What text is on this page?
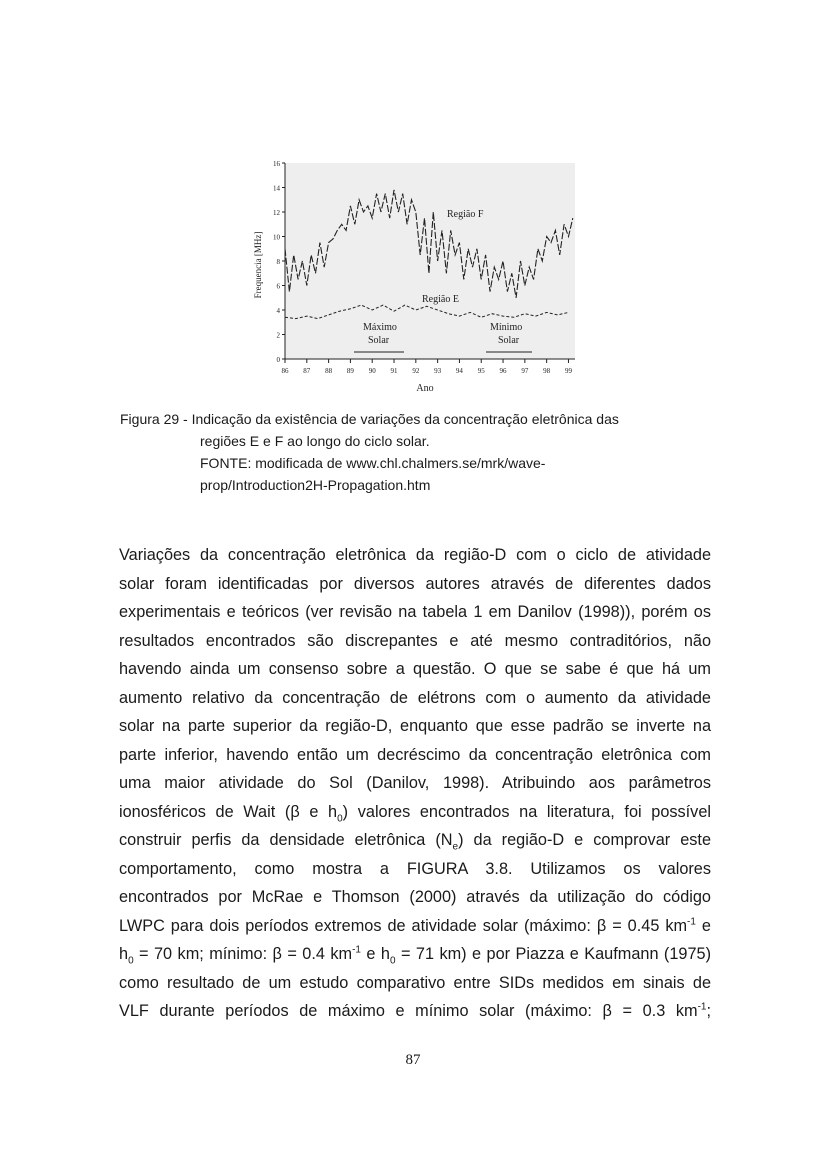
0
2
4
6
8
10
12
14
16
86 87 88 89 90 91 92 93 94 95 96 97 98 99
Região F
Região E
Máximo
Solar
Mínimo
Solar
Ano
Frequencia [MHz]
Figura 29 - Indicação da existência de variações da concentração eletrônica das
regiões E e F ao longo do ciclo solar.
FONTE: modificada de www.chl.chalmers.se/mrk/wave-
prop/Introduction2H-Propagation.htm

Variações da concentração eletrônica da região-D com o ciclo de atividade

solar foram identificadas por diversos autores através de diferentes dados

experimentais e teóricos (ver revisão na tabela 1 em Danilov (1998)), porém os

resultados encontrados são discrepantes e até mesmo contraditórios, não

havendo ainda um consenso sobre a questão. O que se sabe é que há um

aumento relativo da concentração de elétrons com o aumento da atividade

solar na parte superior da região-D, enquanto que esse padrão se inverte na

parte inferior, havendo então um decréscimo da concentração eletrônica com

uma maior atividade do Sol (Danilov, 1998). Atribuindo aos parâmetros

ionosféricos de Wait (β e $h_0$) valores encontrados na literatura, foi possível

construir perfis da densidade eletrônica $(N_e)$ da região-D e comprovar este

comportamento, como mostra a FIGURA 3.8. Utilizamos os valores

encontrados por McRae e Thomson (2000) através da utilização do código

LWPC para dois períodos extremos de atividade solar (máximo: β = 0.45 $km^{-1}$ e

$h_0 = 70$ km; mínimo: β = 0.4 $km^{-1}$ e $h_0 = 71$ km) e por Piazza e Kaufmann (1975)

como resultado de um estudo comparativo entre SIDs medidos em sinais de

VLF durante períodos de máximo e mínimo solar (máximo: β = 0.3 $km^{-1}$;

87
